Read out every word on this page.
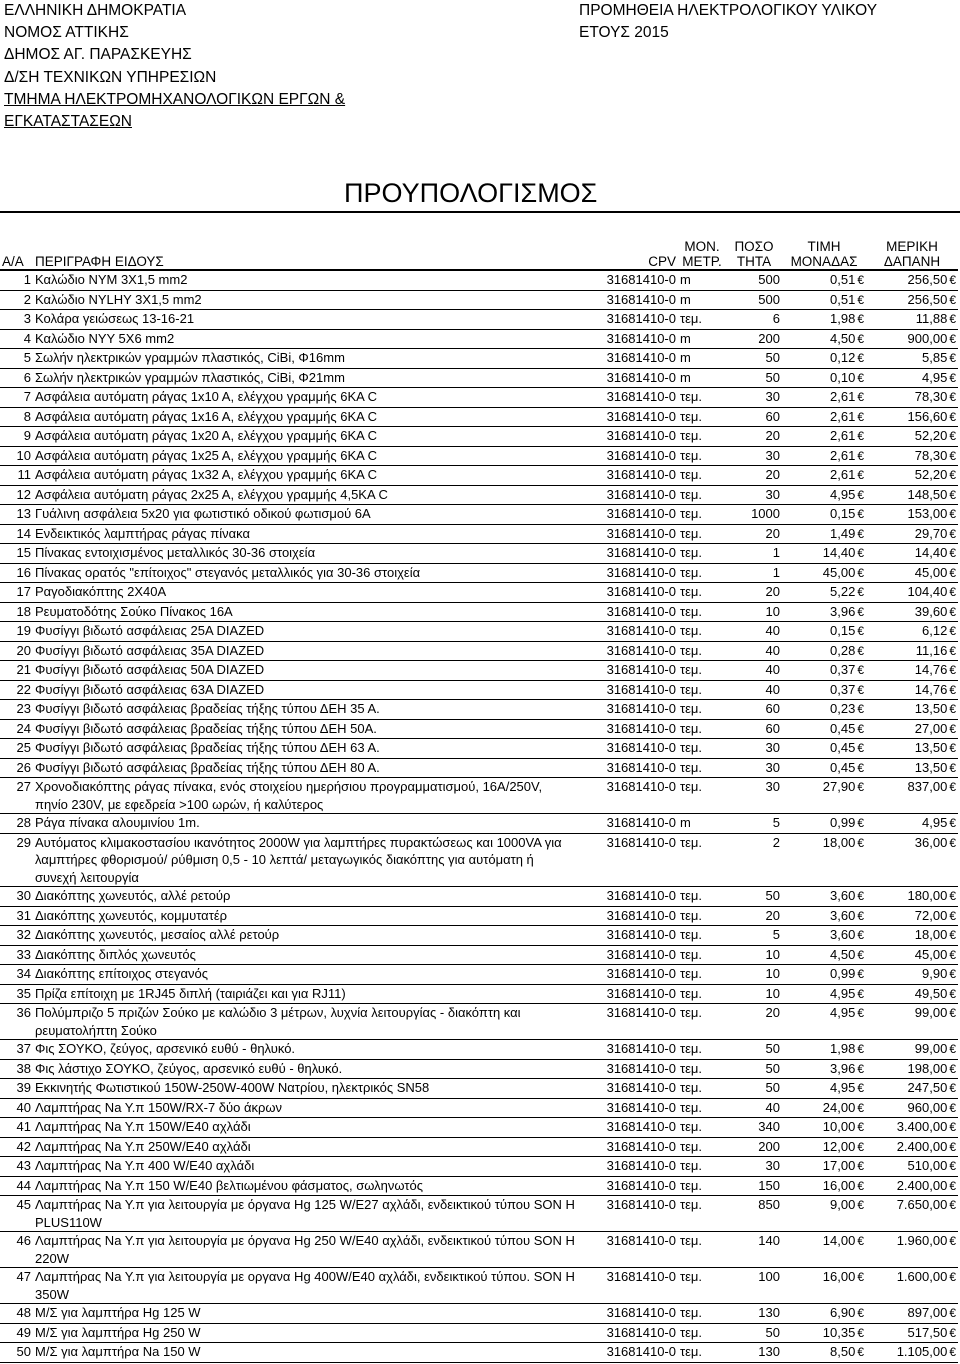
ΕΛΛΗΝΙΚΗ ΔΗΜΟΚΡΑΤΙΑ
ΝΟΜΟΣ ΑΤΤΙΚΗΣ
ΔΗΜΟΣ ΑΓ. ΠΑΡΑΣΚΕΥΗΣ
Δ/ΣΗ ΤΕΧΝΙΚΩΝ ΥΠΗΡΕΣΙΩΝ
ΤΜΗΜΑ ΗΛΕΚΤΡΟΜΗΧΑΝΟΛΟΓΙΚΩΝ ΕΡΓΩΝ &
ΕΓΚΑΤΑΣΤΑΣΕΩΝ
ΠΡΟΜΗΘΕΙΑ ΗΛΕΚΤΡΟΛΟΓΙΚΟΥ ΥΛΙΚΟΥ
ΕΤΟΥΣ 2015
ΠΡΟΥΠΟΛΟΓΙΣΜΟΣ
Α/Α	ΠΕΡΙΓΡΑΦΗ ΕΙΔΟΥΣ	CPV	ΜΟΝ. ΜΕΤΡ.	ΠΟΣΟ ΤΗΤΑ	ΤΙΜΗ ΜΟΝΑΔΑΣ	ΜΕΡΙΚΗ ΔΑΠΑΝΗ
1	Καλώδιο ΝΥΜ 3Χ1,5 mm2	31681410-0	m	500	0,51 €	256,50 €
2	Καλώδιο NYLHY 3X1,5 mm2	31681410-0	m	500	0,51 €	256,50 €
3	Κολάρα γειώσεως 13-16-21	31681410-0	τεμ.	6	1,98 €	11,88 €
4	Καλώδιο NYY 5X6 mm2	31681410-0	m	200	4,50 €	900,00 €
5	Σωλήν ηλεκτρικών γραμμών πλαστικός, CiBi, Φ16mm	31681410-0	m	50	0,12 €	5,85 €
6	Σωλήν ηλεκτρικών γραμμών πλαστικός, CiBi, Φ21mm	31681410-0	m	50	0,10 €	4,95 €
7	Ασφάλεια αυτόματη ράγας 1x10 A, ελέγχου γραμμής 6ΚΑ C	31681410-0	τεμ.	30	2,61 €	78,30 €
8	Ασφάλεια αυτόματη ράγας 1x16 A, ελέγχου γραμμής 6ΚΑ C	31681410-0	τεμ.	60	2,61 €	156,60 €
9	Ασφάλεια αυτόματη ράγας 1x20 A, ελέγχου γραμμής 6ΚΑ C	31681410-0	τεμ.	20	2,61 €	52,20 €
10	Ασφάλεια αυτόματη ράγας 1x25 A, ελέγχου γραμμής 6ΚΑ C	31681410-0	τεμ.	30	2,61 €	78,30 €
11	Ασφάλεια αυτόματη ράγας 1x32 A, ελέγχου γραμμής 6ΚΑ C	31681410-0	τεμ.	20	2,61 €	52,20 €
12	Ασφάλεια αυτόματη ράγας 2x25 A, ελέγχου γραμμής 4,5ΚΑ C	31681410-0	τεμ.	30	4,95 €	148,50 €
13	Γυάλινη ασφάλεια 5x20 για φωτιστικό οδικού φωτισμού 6A	31681410-0	τεμ.	1000	0,15 €	153,00 €
14	Ενδεικτικός λαμπτήρας ράγας πίνακα	31681410-0	τεμ.	20	1,49 €	29,70 €
15	Πίνακας εντοιχισμένος μεταλλικός 30-36 στοιχεία	31681410-0	τεμ.	1	14,40 €	14,40 €
16	Πίνακας ορατός "επίτοιχος" στεγανός μεταλλικός για 30-36 στοιχεία	31681410-0	τεμ.	1	45,00 €	45,00 €
17	Ραγοδιακόπτης 2Χ40Α	31681410-0	τεμ.	20	5,22 €	104,40 €
18	Ρευματοδότης Σούκο Πίνακος 16Α	31681410-0	τεμ.	10	3,96 €	39,60 €
19	Φυσίγγι βιδωτό ασφάλειας 25Α DIAZED	31681410-0	τεμ.	40	0,15 €	6,12 €
20	Φυσίγγι βιδωτό ασφάλειας 35Α DIAZED	31681410-0	τεμ.	40	0,28 €	11,16 €
21	Φυσίγγι βιδωτό ασφάλειας 50Α DIAZED	31681410-0	τεμ.	40	0,37 €	14,76 €
22	Φυσίγγι βιδωτό ασφάλειας 63Α DIAZED	31681410-0	τεμ.	40	0,37 €	14,76 €
23	Φυσίγγι βιδωτό ασφάλειας βραδείας τήξης τύπου ΔΕΗ 35 Α.	31681410-0	τεμ.	60	0,23 €	13,50 €
24	Φυσίγγι βιδωτό ασφάλειας βραδείας τήξης τύπου ΔΕΗ 50Α.	31681410-0	τεμ.	60	0,45 €	27,00 €
25	Φυσίγγι βιδωτό ασφάλειας βραδείας τήξης τύπου ΔΕΗ 63 Α.	31681410-0	τεμ.	30	0,45 €	13,50 €
26	Φυσίγγι βιδωτό ασφάλειας βραδείας τήξης τύπου ΔΕΗ 80 Α.	31681410-0	τεμ.	30	0,45 €	13,50 €
27	Χρονοδιακόπτης ράγας πίνακα, ενός στοιχείου ημερήσιου προγραμματισμού, 16A/250V, πηνίο 230V, με εφεδρεία >100 ωρών, ή καλύτερος	31681410-0	τεμ.	30	27,90 €	837,00 €
28	Ράγα πίνακα αλουμινίου 1m.	31681410-0	m	5	0,99 €	4,95 €
29	Αυτόματος κλιμακοστασίου ικανότητος 2000W για λαμπτήρες πυρακτώσεως και 1000VA για λαμπτήρες φθορισμού/ ρύθμιση 0,5 - 10 λεπτά/ μεταγωγικός διακόπτης για αυτόματη ή συνεχή λειτουργία	31681410-0	τεμ.	2	18,00 €	36,00 €
30	Διακόπτης χωνευτός, αλλέ ρετούρ	31681410-0	τεμ.	50	3,60 €	180,00 €
31	Διακόπτης χωνευτός, κομμυτατέρ	31681410-0	τεμ.	20	3,60 €	72,00 €
32	Διακόπτης χωνευτός, μεσαίος αλλέ ρετούρ	31681410-0	τεμ.	5	3,60 €	18,00 €
33	Διακόπτης διπλός χωνευτός	31681410-0	τεμ.	10	4,50 €	45,00 €
34	Διακόπτης επίτοιχος στεγανός	31681410-0	τεμ.	10	0,99 €	9,90 €
35	Πρίζα επίτοιχη με 1RJ45 διπλή (ταιριάζει και για RJ11)	31681410-0	τεμ.	10	4,95 €	49,50 €
36	Πολύμπριζο 5 πριζών Σούκο με καλώδιο 3 μέτρων, λυχνία λειτουργίας - διακόπτη και ρευματολήπτη Σούκο	31681410-0	τεμ.	20	4,95 €	99,00 €
37	Φις ΣΟΥΚΟ, ζεύγος, αρσενικό ευθύ - θηλυκό.	31681410-0	τεμ.	50	1,98 €	99,00 €
38	Φις λάστιχο ΣΟΥΚΟ, ζεύγος, αρσενικό ευθύ - θηλυκό.	31681410-0	τεμ.	50	3,96 €	198,00 €
39	Εκκινητής Φωτιστικού 150W-250W-400W Νατρίου, ηλεκτρικός SN58	31681410-0	τεμ.	50	4,95 €	247,50 €
40	Λαμπτήρας Na Y.π 150W/RX-7 δύο άκρων	31681410-0	τεμ.	40	24,00 €	960,00 €
41	Λαμπτήρας Na Y.π 150W/E40 αχλάδι	31681410-0	τεμ.	340	10,00 €	3.400,00 €
42	Λαμπτήρας Na Y.π 250W/E40 αχλάδι	31681410-0	τεμ.	200	12,00 €	2.400,00 €
43	Λαμπτήρας Na Y.π 400 W/E40 αχλάδι	31681410-0	τεμ.	30	17,00 €	510,00 €
44	Λαμπτήρας Na Y.π 150 W/E40 βελτιωμένου φάσματος, σωληνωτός	31681410-0	τεμ.	150	16,00 €	2.400,00 €
45	Λαμπτήρας Na Y.π για λειτουργία με όργανα Hg 125 W/E27 αχλάδι, ενδεικτικού τύπου SON H PLUS110W	31681410-0	τεμ.	850	9,00 €	7.650,00 €
46	Λαμπτήρας Na Y.π για λειτουργία με όργανα Hg 250 W/E40 αχλάδι, ενδεικτικού τύπου SON H 220W	31681410-0	τεμ.	140	14,00 €	1.960,00 €
47	Λαμπτήρας Na Y.π για λειτουργία με οργανα Hg 400W/E40 αχλάδι, ενδεικτικού τύπου. SON H 350W	31681410-0	τεμ.	100	16,00 €	1.600,00 €
48	Μ/Σ για λαμπτήρα Hg 125 W	31681410-0	τεμ.	130	6,90 €	897,00 €
49	Μ/Σ για λαμπτήρα Hg 250 W	31681410-0	τεμ.	50	10,35 €	517,50 €
50	Μ/Σ για λαμπτήρα Na 150 W	31681410-0	τεμ.	130	8,50 €	1.105,00 €
